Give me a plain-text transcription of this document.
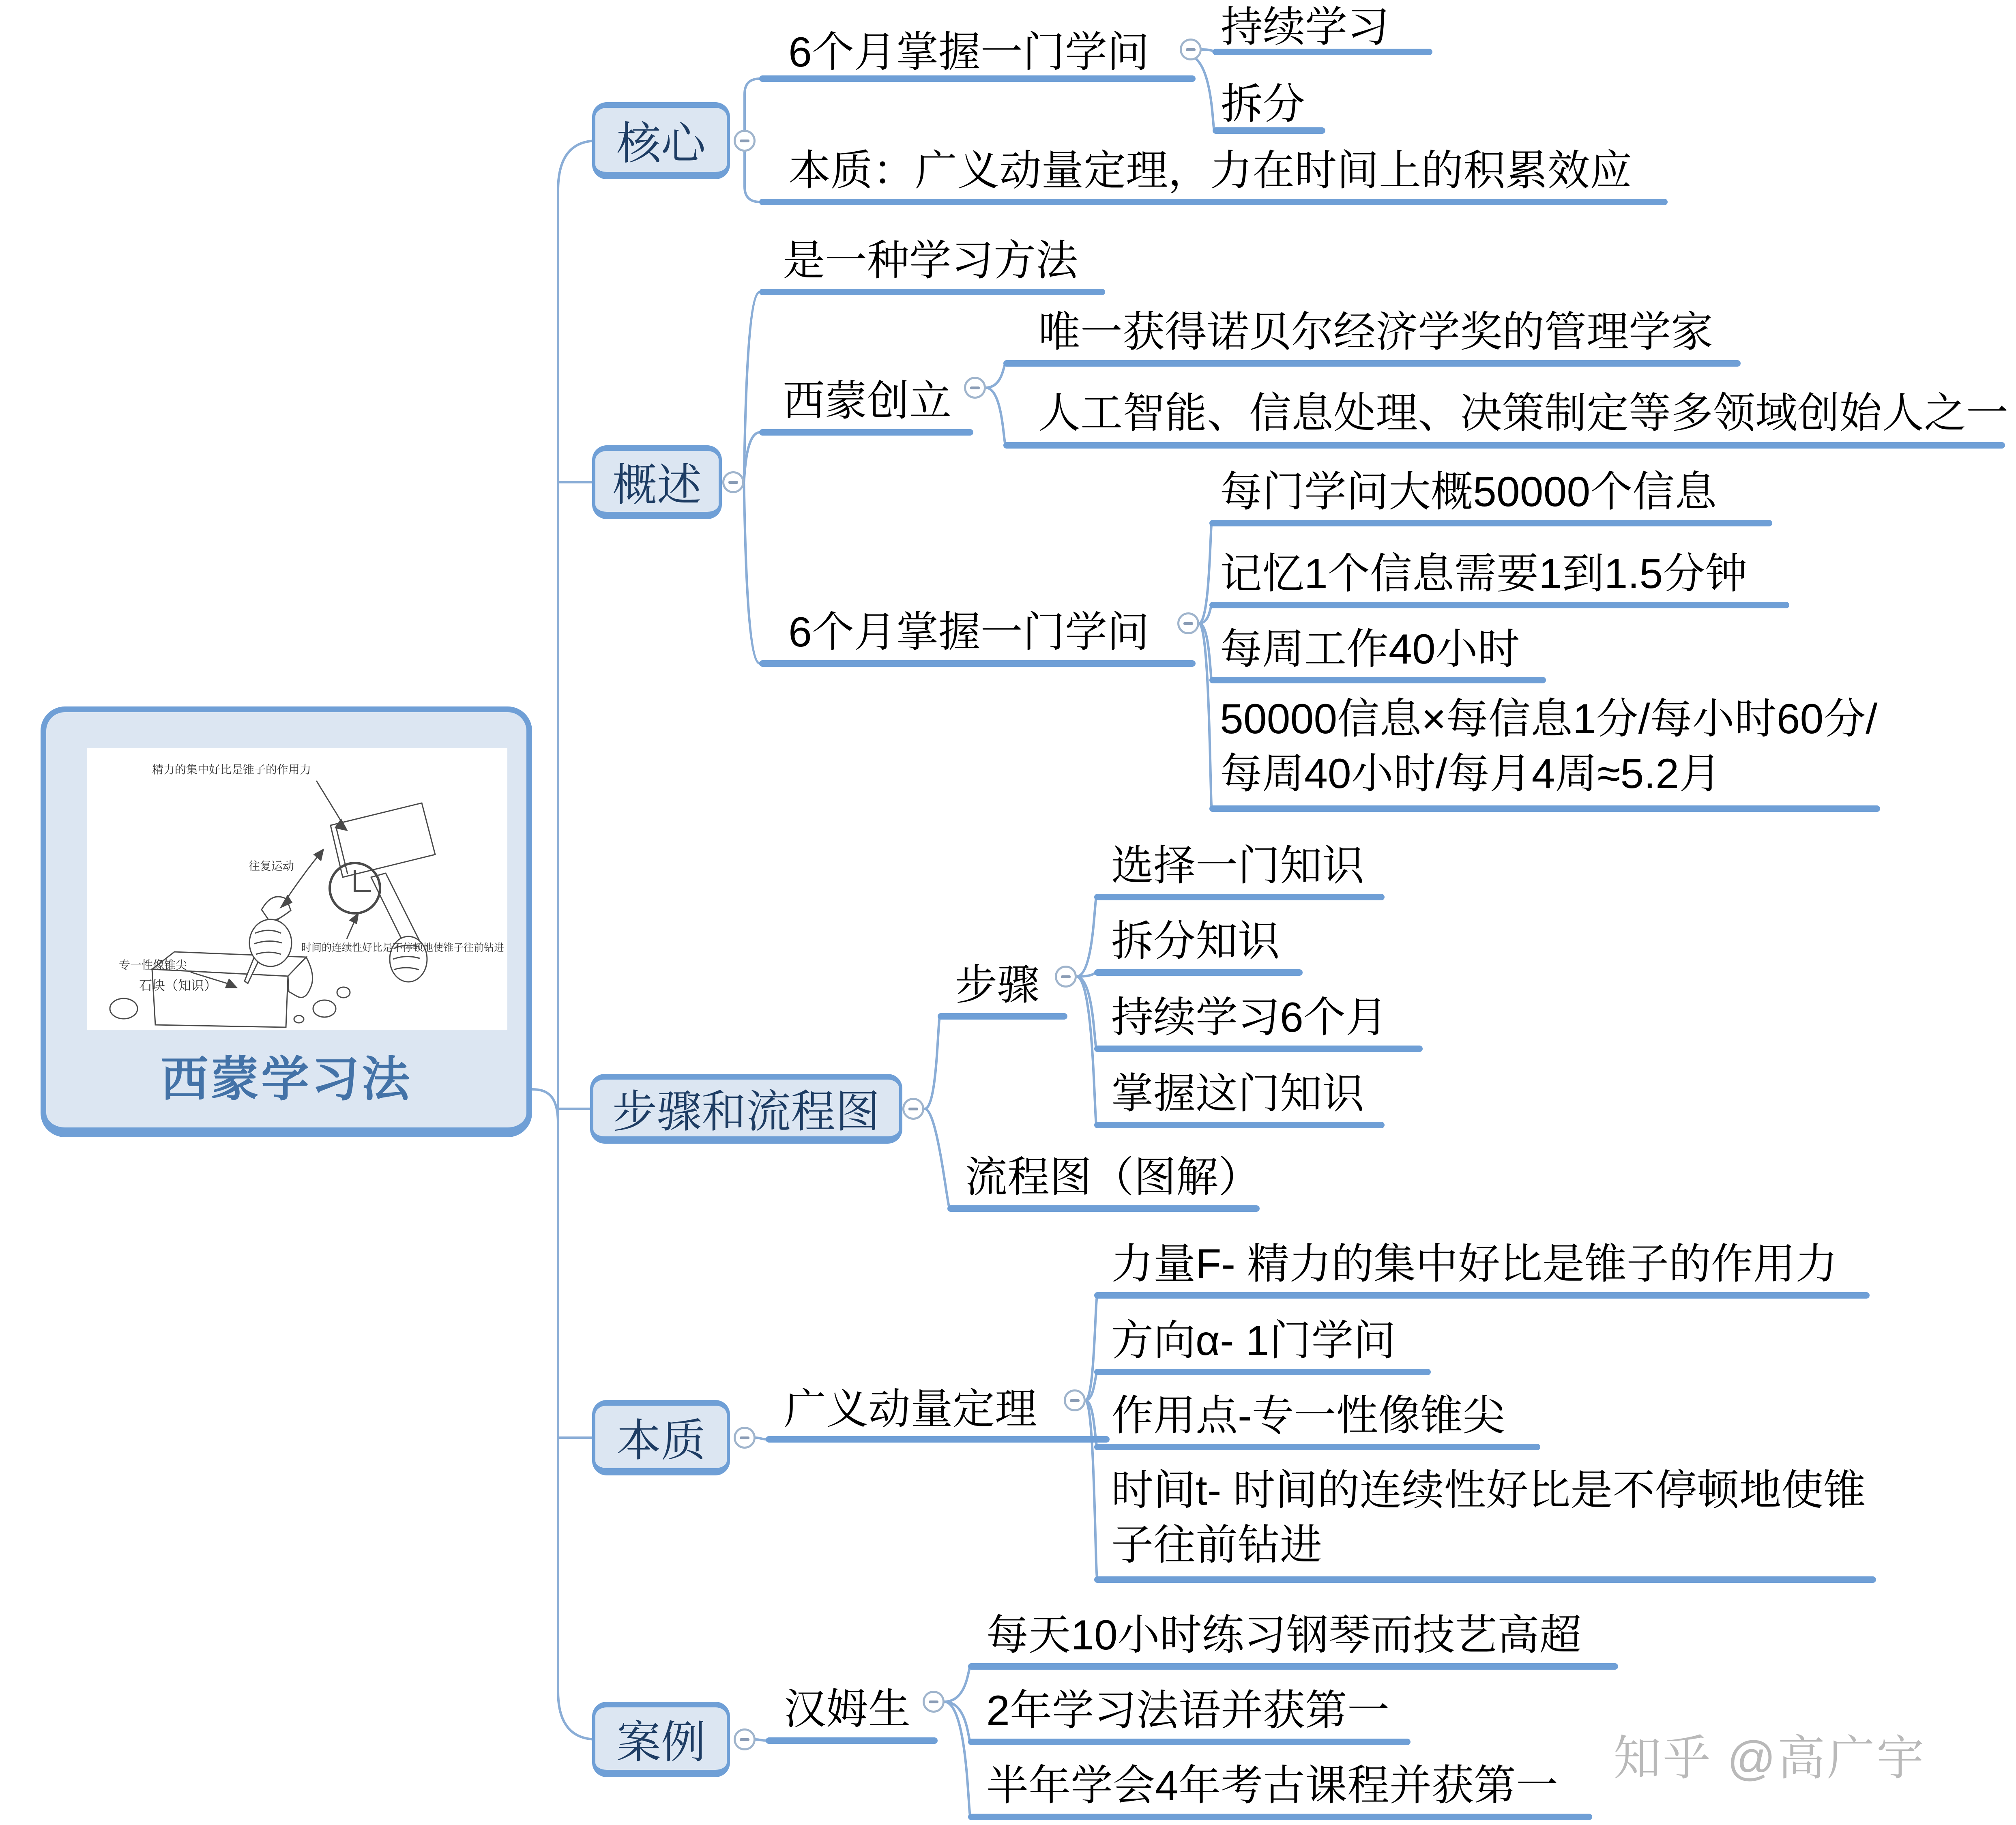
精力的集中好比是锥子的作用力
往复运动
专一性像锥尖
时间的连续性好比是不停顿地使锥子往前钻进
石块（知识）
西蒙学习法
核心
概述
步骤和流程图
本质
案例
6个月掌握一门学问
持续学习
拆分
本质：广义动量定理，力在时间上的积累效应
是一种学习方法
西蒙创立
唯一获得诺贝尔经济学奖的管理学家
人工智能、信息处理、决策制定等多领域创始人之一
6个月掌握一门学问
每门学问大概50000个信息
记忆1个信息需要1到1.5分钟
每周工作40小时
50000信息×每信息1分/每小时60分/每周40小时/每月4周≈5.2月
步骤
选择一门知识
拆分知识
持续学习6个月
掌握这门知识
流程图（图解）
广义动量定理
力量F- 精力的集中好比是锥子的作用力
方向α- 1门学问
作用点-专一性像锥尖
时间t- 时间的连续性好比是不停顿地使锥子往前钻进
汉姆生
每天10小时练习钢琴而技艺高超
2年学习法语并获第一
半年学会4年考古课程并获第一
知乎 @高广宇
